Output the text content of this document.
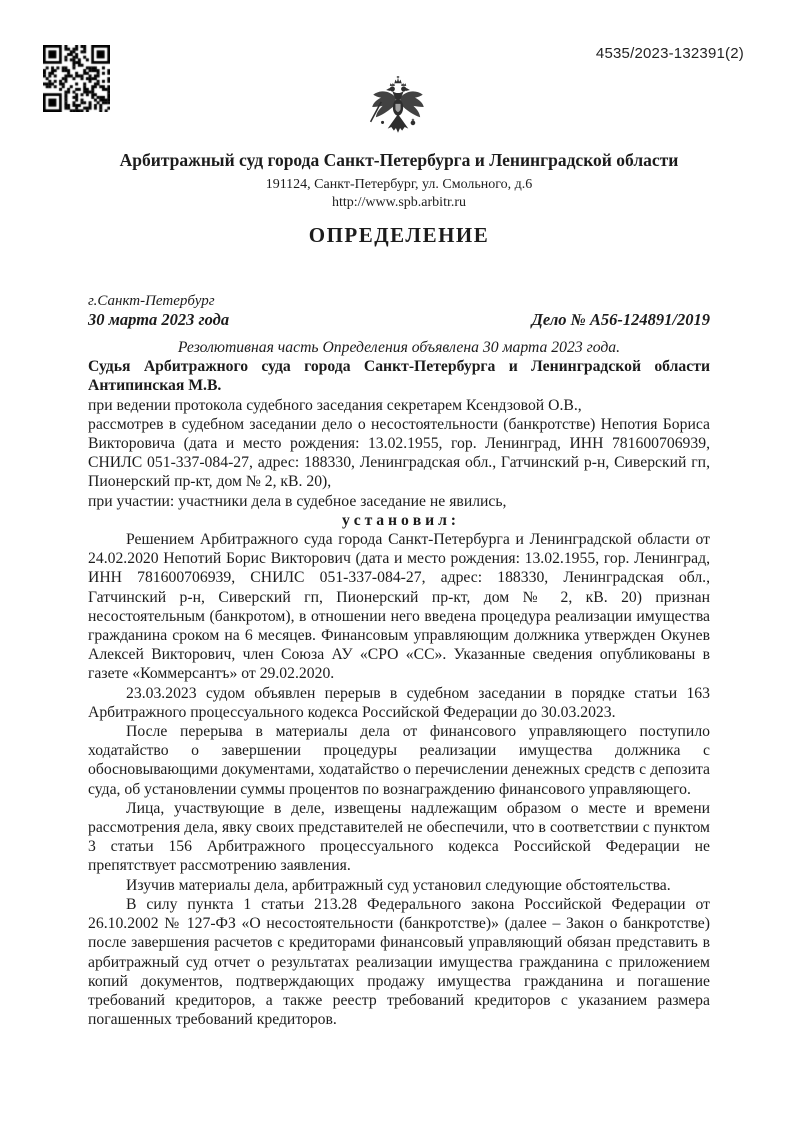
4535/2023-132391(2)
Арбитражный суд города Санкт-Петербурга и Ленинградской области
191124, Санкт-Петербург, ул. Смольного, д.6
http://www.spb.arbitr.ru
ОПРЕДЕЛЕНИЕ
г.Санкт-Петербург
30 марта 2023 года	Дело № А56-124891/2019

Резолютивная часть Определения объявлена 30 марта 2023 года.

Судья Арбитражного суда города Санкт-Петербурга и Ленинградской области Антипинская М.В.

при ведении протокола судебного заседания секретарем Ксендзовой О.В.,

рассмотрев в судебном заседании дело о несостоятельности (банкротстве) Непотия Бориса Викторовича (дата и место рождения: 13.02.1955, гор. Ленинград, ИНН 781600706939, СНИЛС 051-337-084-27, адрес: 188330, Ленинградская обл., Гатчинский р-н, Сиверский гп, Пионерский пр-кт, дом № 2, кВ. 20),

при участии: участники дела в судебное заседание не явились,

у с т а н о в и л :

Решением Арбитражного суда города Санкт-Петербурга и Ленинградской области от 24.02.2020 Непотий Борис Викторович (дата и место рождения: 13.02.1955, гор. Ленинград, ИНН 781600706939, СНИЛС 051-337-084-27, адрес: 188330, Ленинградская обл., Гатчинский р-н, Сиверский гп, Пионерский пр-кт, дом № 2, кВ. 20) признан несостоятельным (банкротом), в отношении него введена процедура реализации имущества гражданина сроком на 6 месяцев. Финансовым управляющим должника утвержден Окунев Алексей Викторович, член Союза АУ «СРО «СС». Указанные сведения опубликованы в газете «Коммерсантъ» от 29.02.2020.

23.03.2023 судом объявлен перерыв в судебном заседании в порядке статьи 163 Арбитражного процессуального кодекса Российской Федерации до 30.03.2023.

После перерыва в материалы дела от финансового управляющего поступило ходатайство о завершении процедуры реализации имущества должника с обосновывающими документами, ходатайство о перечислении денежных средств с депозита суда, об установлении суммы процентов по вознаграждению финансового управляющего.

Лица, участвующие в деле, извещены надлежащим образом о месте и времени рассмотрения дела, явку своих представителей не обеспечили, что в соответствии с пунктом 3 статьи 156 Арбитражного процессуального кодекса Российской Федерации не препятствует рассмотрению заявления.

Изучив материалы дела, арбитражный суд установил следующие обстоятельства.

В силу пункта 1 статьи 213.28 Федерального закона Российской Федерации от 26.10.2002 № 127-ФЗ «О несостоятельности (банкротстве)» (далее – Закон о банкротстве) после завершения расчетов с кредиторами финансовый управляющий обязан представить в арбитражный суд отчет о результатах реализации имущества гражданина с приложением копий документов, подтверждающих продажу имущества гражданина и погашение требований кредиторов, а также реестр требований кредиторов с указанием размера погашенных требований кредиторов.
